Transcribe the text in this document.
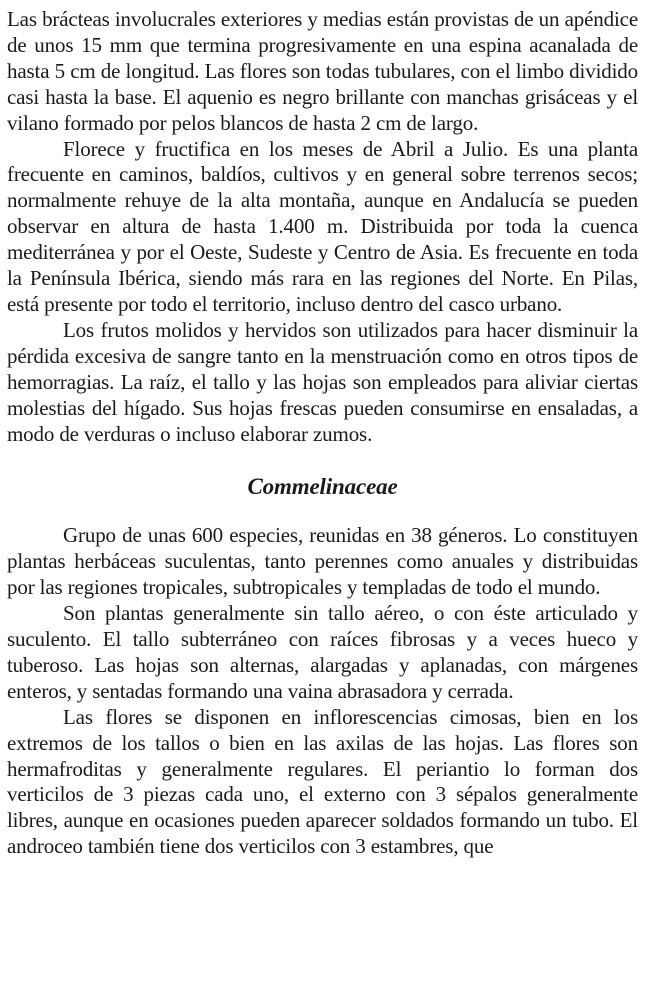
Las brácteas involucrales exteriores y medias están provistas de un apéndice de unos 15 mm que termina progresivamente en una espina acanalada de hasta 5 cm de longitud. Las flores son todas tubulares, con el limbo dividido casi hasta la base. El aquenio es negro brillante con manchas grisáceas y el vilano formado por pelos blancos de hasta 2 cm de largo.

Florece y fructifica en los meses de Abril a Julio. Es una planta frecuente en caminos, baldíos, cultivos y en general sobre terrenos secos; normalmente rehuye de la alta montaña, aunque en Andalucía se pueden observar en altura de hasta 1.400 m. Distribuida por toda la cuenca mediterránea y por el Oeste, Sudeste y Centro de Asia. Es frecuente en toda la Península Ibérica, siendo más rara en las regiones del Norte. En Pilas, está presente por todo el territorio, incluso dentro del casco urbano.

Los frutos molidos y hervidos son utilizados para hacer disminuir la pérdida excesiva de sangre tanto en la menstruación como en otros tipos de hemorragias. La raíz, el tallo y las hojas son empleados para aliviar ciertas molestias del hígado. Sus hojas frescas pueden consumirse en ensaladas, a modo de verduras o incluso elaborar zumos.

Commelinaceae

Grupo de unas 600 especies, reunidas en 38 géneros. Lo constituyen plantas herbáceas suculentas, tanto perennes como anuales y distribuidas por las regiones tropicales, subtropicales y templadas de todo el mundo.

Son plantas generalmente sin tallo aéreo, o con éste articulado y suculento. El tallo subterráneo con raíces fibrosas y a veces hueco y tuberoso. Las hojas son alternas, alargadas y aplanadas, con márgenes enteros, y sentadas formando una vaina abrasadora y cerrada.

Las flores se disponen en inflorescencias cimosas, bien en los extremos de los tallos o bien en las axilas de las hojas. Las flores son hermafroditas y generalmente regulares. El periantio lo forman dos verticilos de 3 piezas cada uno, el externo con 3 sépalos generalmente libres, aunque en ocasiones pueden aparecer soldados formando un tubo. El androceo también tiene dos verticilos con 3 estambres, que
